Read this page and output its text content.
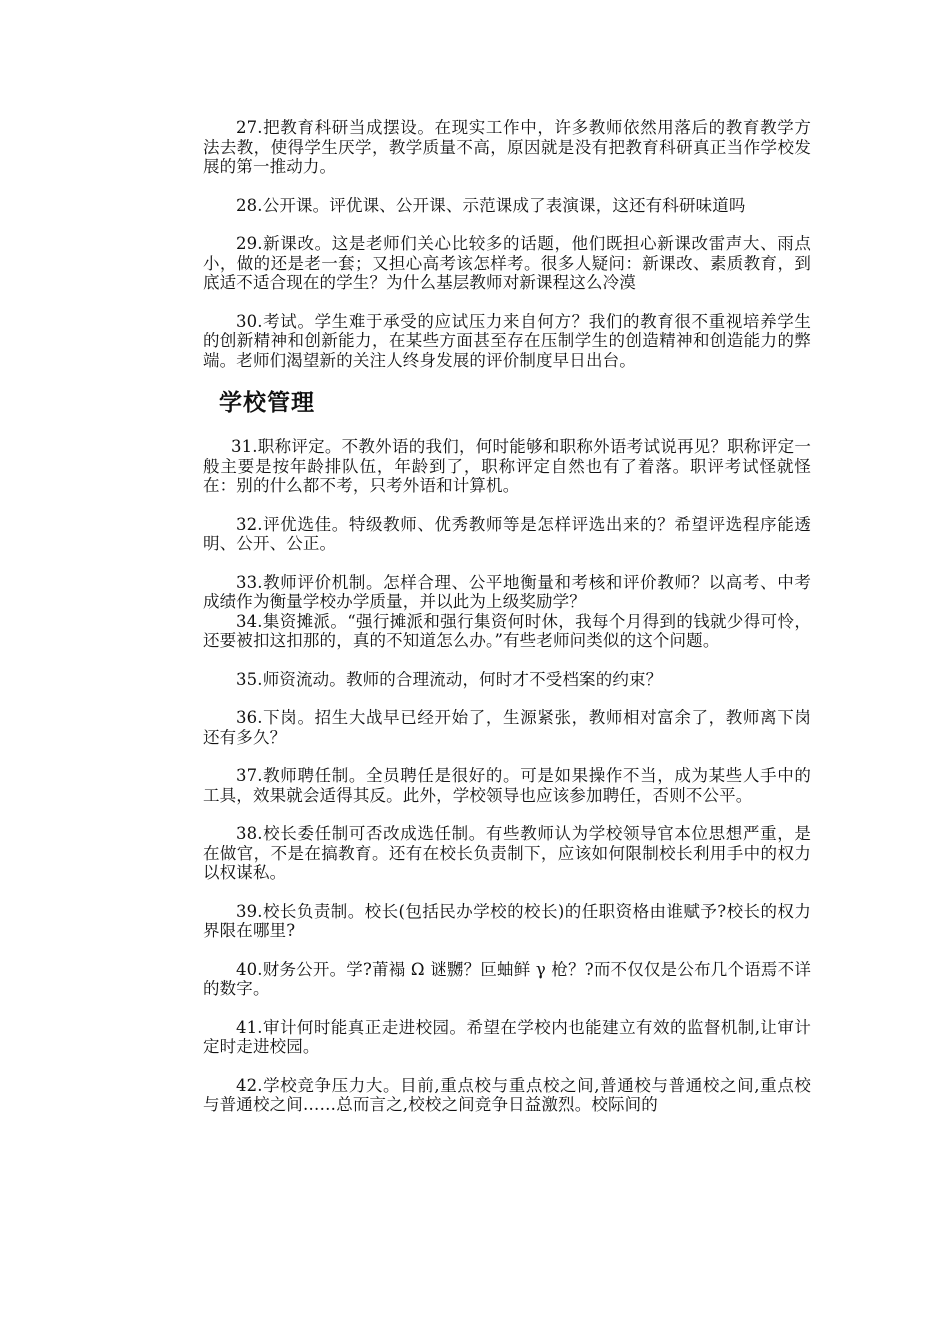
27.把教育科研当成摆设。在现实工作中，许多教师依然用落后的教育教学方法去教，使得学生厌学，教学质量不高，原因就是没有把教育科研真正当作学校发展的第一推动力。

28.公开课。评优课、公开课、示范课成了表演课，这还有科研味道吗

29.新课改。这是老师们关心比较多的话题，他们既担心新课改雷声大、雨点小，做的还是老一套；又担心高考该怎样考。很多人疑问：新课改、素质教育，到底适不适合现在的学生？为什么基层教师对新课程这么冷漠

30.考试。学生难于承受的应试压力来自何方？我们的教育很不重视培养学生的创新精神和创新能力，在某些方面甚至存在压制学生的创造精神和创造能力的弊端。老师们渴望新的关注人终身发展的评价制度早日出台。

学校管理

31.职称评定。不教外语的我们，何时能够和职称外语考试说再见？职称评定一般主要是按年龄排队伍，年龄到了，职称评定自然也有了着落。职评考试怪就怪在：别的什么都不考，只考外语和计算机。

32.评优选佳。特级教师、优秀教师等是怎样评选出来的？希望评选程序能透明、公开、公正。

33.教师评价机制。怎样合理、公平地衡量和考核和评价教师？以高考、中考成绩作为衡量学校办学质量，并以此为上级奖励学？

34.集资摊派。“强行摊派和强行集资何时休，我每个月得到的钱就少得可怜，还要被扣这扣那的，真的不知道怎么办。”有些老师问类似的这个问题。

35.师资流动。教师的合理流动，何时才不受档案的约束？

36.下岗。招生大战早已经开始了，生源紧张，教师相对富余了，教师离下岗还有多久？

37.教师聘任制。全员聘任是很好的。可是如果操作不当，成为某些人手中的工具，效果就会适得其反。此外，学校领导也应该参加聘任，否则不公平。

38.校长委任制可否改成选任制。有些教师认为学校领导官本位思想严重，是在做官，不是在搞教育。还有在校长负责制下，应该如何限制校长利用手中的权力以权谋私。

39.校长负责制。校长(包括民办学校的校长)的任职资格由谁赋予?校长的权力界限在哪里?

40.财务公开。学?莆褟 Ω 谜嬲？叵蚰鲜 γ 枪？?而不仅仅是公布几个语焉不详的数字。

41.审计何时能真正走进校园。希望在学校内也能建立有效的监督机制,让审计定时走进校园。

42.学校竞争压力大。目前,重点校与重点校之间,普通校与普通校之间,重点校与普通校之间……总而言之,校校之间竞争日益激烈。校际间的
